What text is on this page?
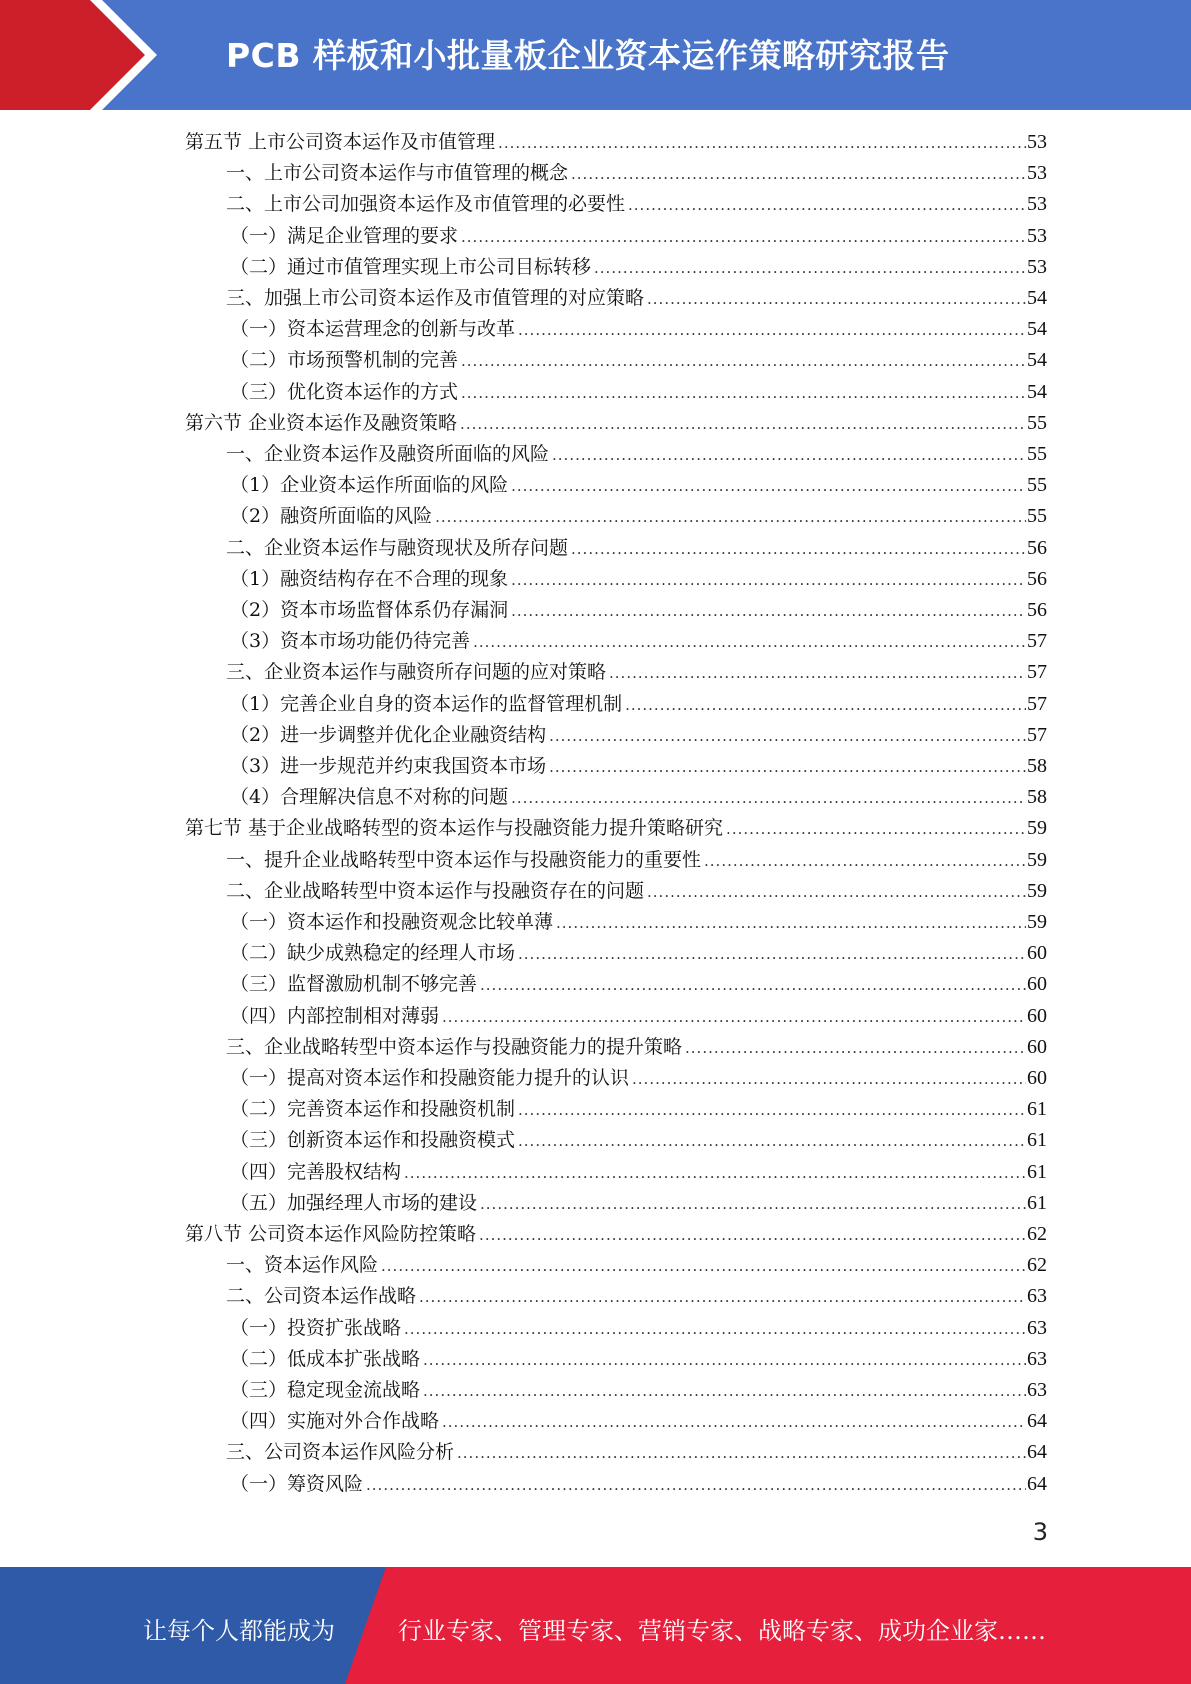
PCB 样板和小批量板企业资本运作策略研究报告
第五节 上市公司资本运作及市值管理 .....	53
一、上市公司资本运作与市值管理的概念 .....	53
二、上市公司加强资本运作及市值管理的必要性 .....	53
（一）满足企业管理的要求 .....	53
（二）通过市值管理实现上市公司目标转移 .....	53
三、加强上市公司资本运作及市值管理的对应策略 .....	54
（一）资本运营理念的创新与改革 .....	54
（二）市场预警机制的完善 .....	54
（三）优化资本运作的方式 .....	54
第六节 企业资本运作及融资策略 .....	55
一、企业资本运作及融资所面临的风险 .....	55
（1）企业资本运作所面临的风险 .....	55
（2）融资所面临的风险 .....	55
二、企业资本运作与融资现状及所存问题 .....	56
（1）融资结构存在不合理的现象 .....	56
（2）资本市场监督体系仍存漏洞 .....	56
（3）资本市场功能仍待完善 .....	57
三、企业资本运作与融资所存问题的应对策略 .....	57
（1）完善企业自身的资本运作的监督管理机制 .....	57
（2）进一步调整并优化企业融资结构 .....	57
（3）进一步规范并约束我国资本市场 .....	58
（4）合理解决信息不对称的问题 .....	58
第七节 基于企业战略转型的资本运作与投融资能力提升策略研究 .....	59
一、提升企业战略转型中资本运作与投融资能力的重要性 .....	59
二、企业战略转型中资本运作与投融资存在的问题 .....	59
（一）资本运作和投融资观念比较单薄 .....	59
（二）缺少成熟稳定的经理人市场 .....	60
（三）监督激励机制不够完善 .....	60
（四）内部控制相对薄弱 .....	60
三、企业战略转型中资本运作与投融资能力的提升策略 .....	60
（一）提高对资本运作和投融资能力提升的认识 .....	60
（二）完善资本运作和投融资机制 .....	61
（三）创新资本运作和投融资模式 .....	61
（四）完善股权结构 .....	61
（五）加强经理人市场的建设 .....	61
第八节 公司资本运作风险防控策略 .....	62
一、资本运作风险 .....	62
二、公司资本运作战略 .....	63
（一）投资扩张战略 .....	63
（二）低成本扩张战略 .....	63
（三）稳定现金流战略 .....	63
（四）实施对外合作战略 .....	64
三、公司资本运作风险分析 .....	64
（一）筹资风险 .....	64
3
让每个人都能成为	行业专家、管理专家、营销专家、战略专家、成功企业家……
